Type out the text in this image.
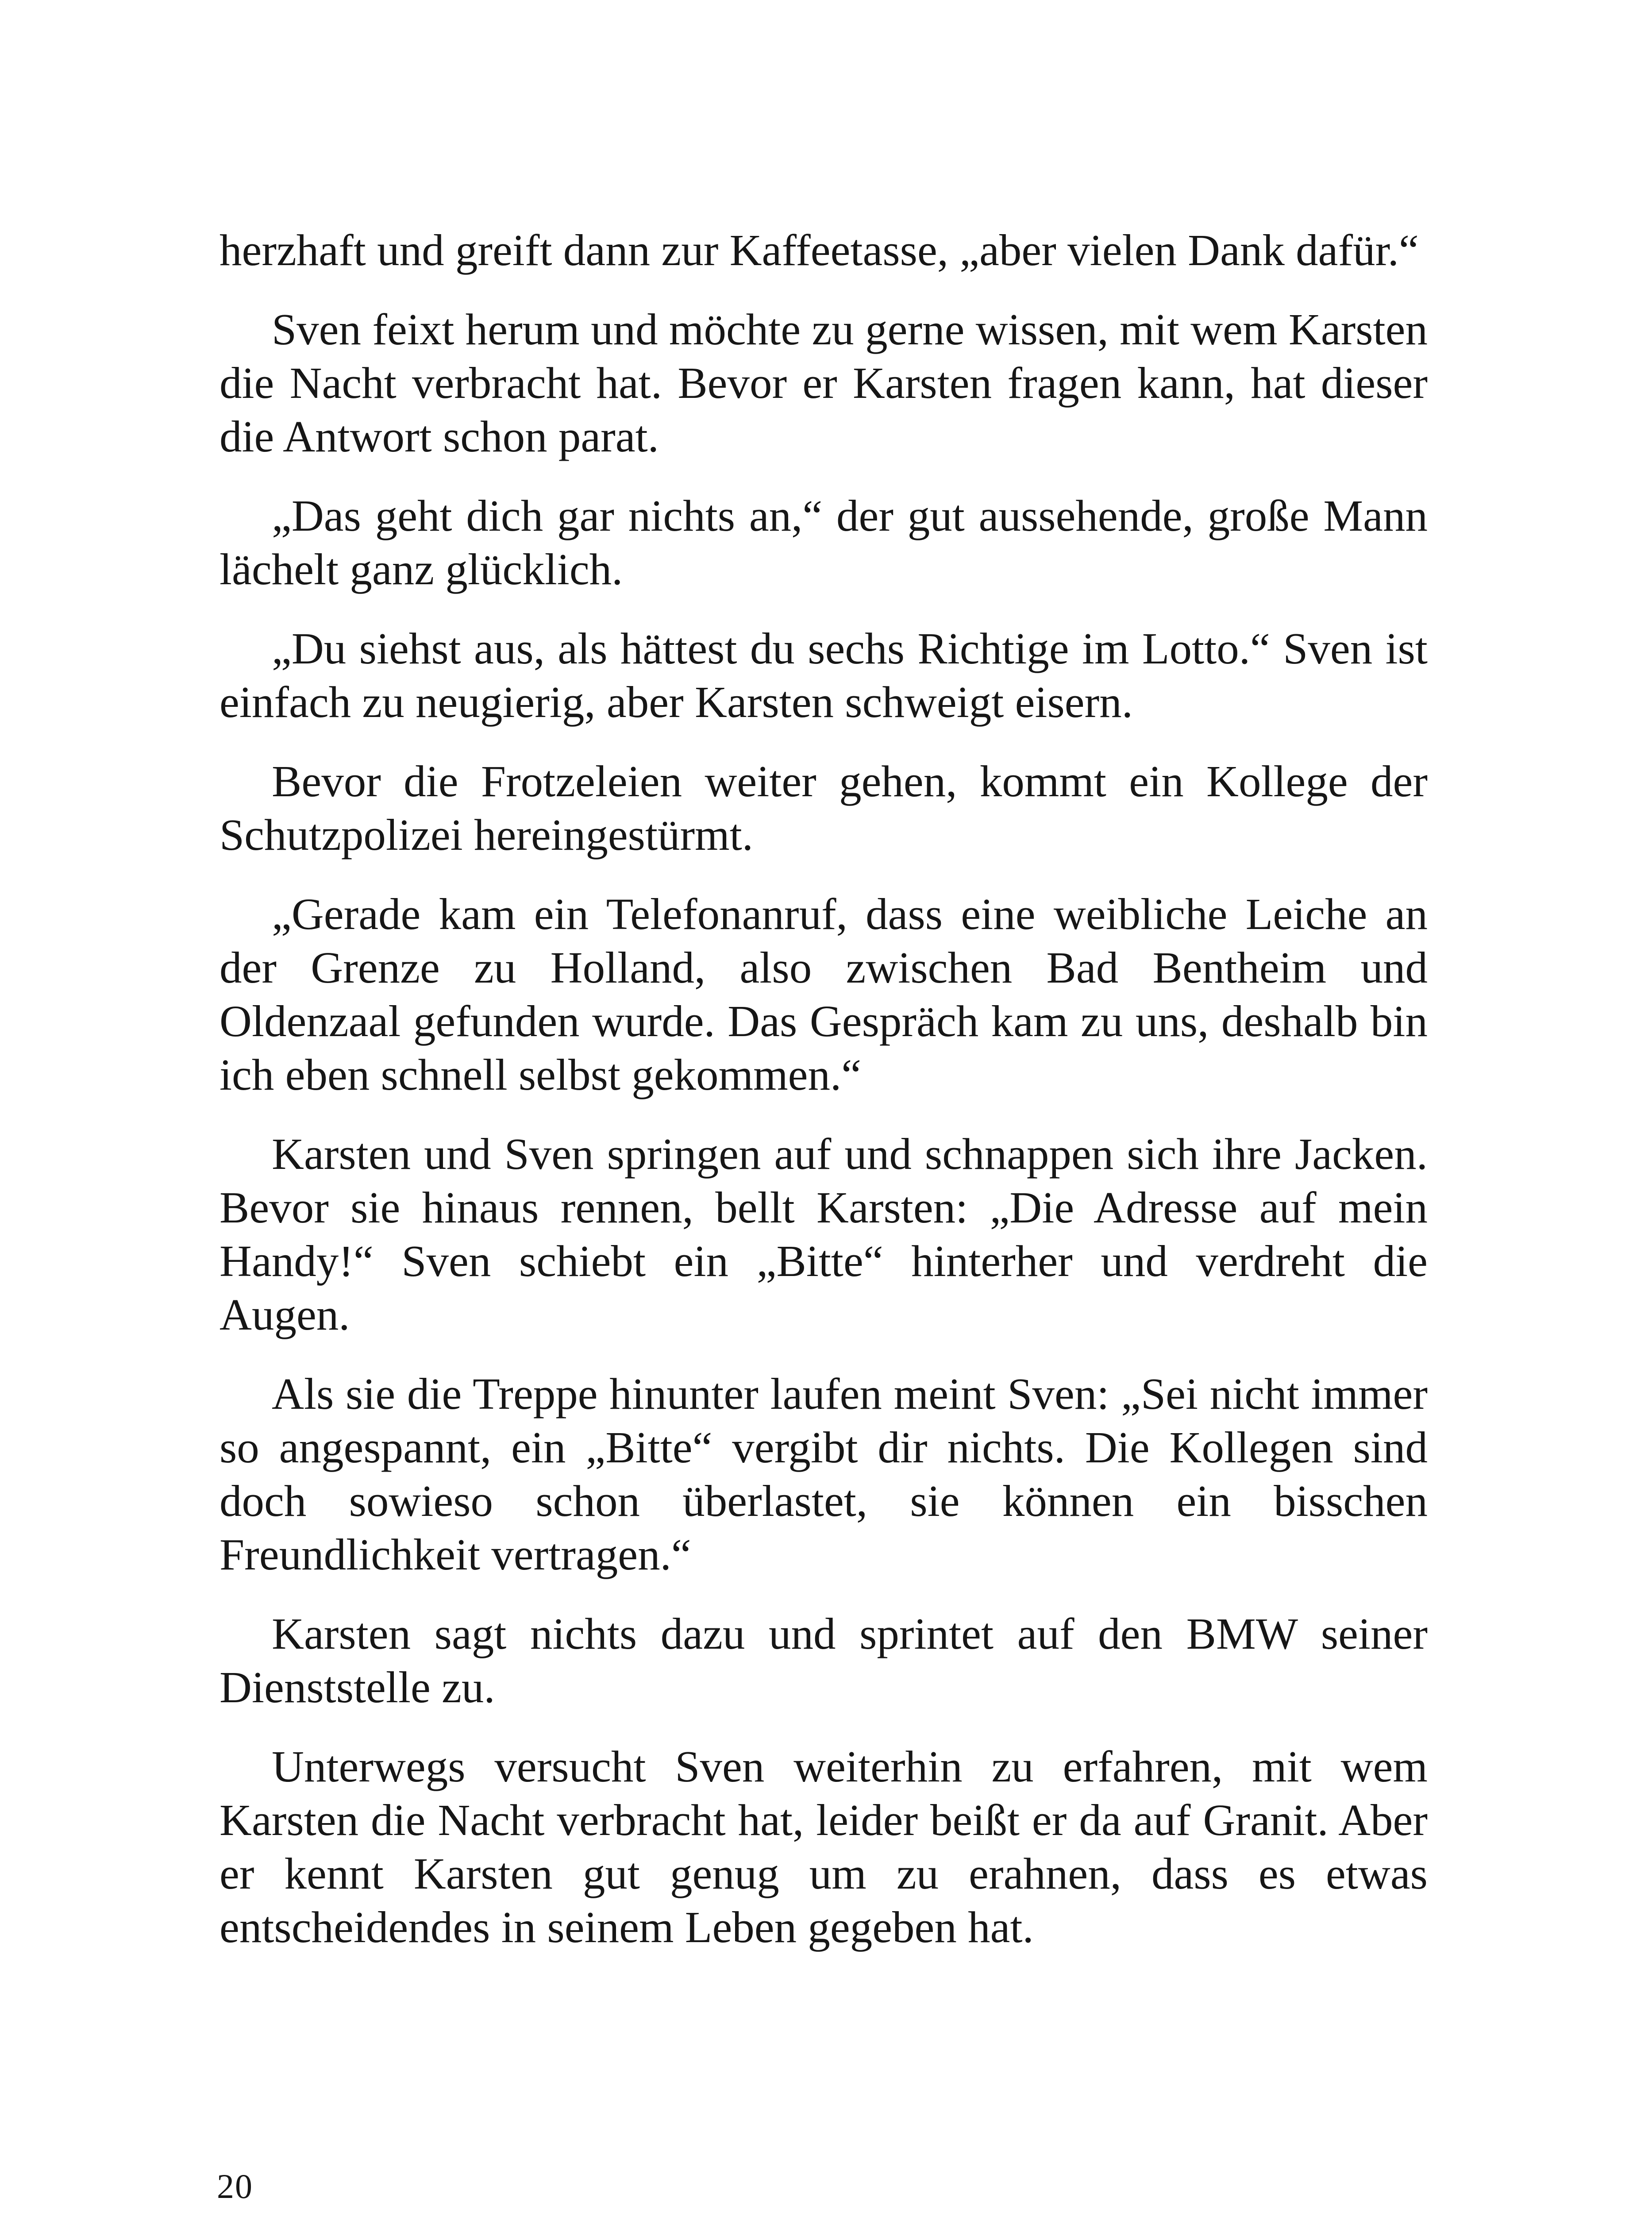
herzhaft und greift dann zur Kaffeetasse, „aber vielen Dank dafür.“

Sven feixt herum und möchte zu gerne wissen, mit wem Karsten die Nacht verbracht hat. Bevor er Karsten fragen kann, hat dieser die Antwort schon parat.

„Das geht dich gar nichts an,“ der gut aussehende, große Mann lächelt ganz glücklich.

„Du siehst aus, als hättest du sechs Richtige im Lotto.“ Sven ist einfach zu neugierig, aber Karsten schweigt eisern.

Bevor die Frotzeleien weiter gehen, kommt ein Kollege der Schutzpolizei hereingestürmt.

„Gerade kam ein Telefonanruf, dass eine weibliche Leiche an der Grenze zu Holland, also zwischen Bad Bentheim und Oldenzaal gefunden wurde. Das Gespräch kam zu uns, deshalb bin ich eben schnell selbst gekommen.“

Karsten und Sven springen auf und schnappen sich ihre Jacken. Bevor sie hinaus rennen, bellt Karsten: „Die Adresse auf mein Handy!“ Sven schiebt ein „Bitte“ hinterher und verdreht die Augen.

Als sie die Treppe hinunter laufen meint Sven: „Sei nicht immer so angespannt, ein „Bitte“ vergibt dir nichts. Die Kollegen sind doch sowieso schon überlastet, sie können ein bisschen Freundlichkeit vertragen.“

Karsten sagt nichts dazu und sprintet auf den BMW seiner Dienststelle zu.

Unterwegs versucht Sven weiterhin zu erfahren, mit wem Karsten die Nacht verbracht hat, leider beißt er da auf Granit. Aber er kennt Karsten gut genug um zu erahnen, dass es etwas entscheidendes in seinem Leben gegeben hat.

20
